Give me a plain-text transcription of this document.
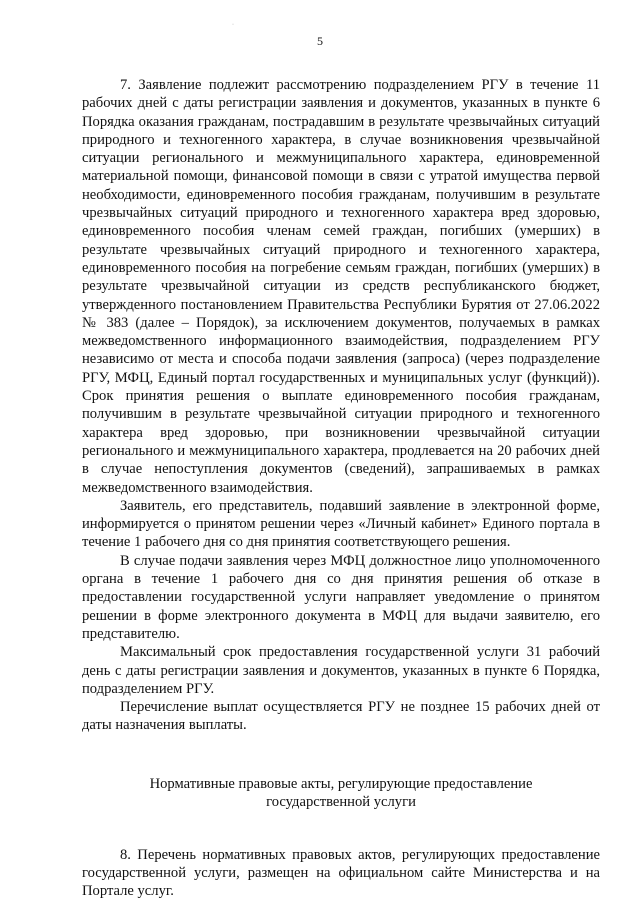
·
5

7. Заявление подлежит рассмотрению подразделением РГУ в течение 11 рабочих дней с даты регистрации заявления и документов, указанных в пункте 6 Порядка оказания гражданам, пострадавшим в результате чрезвычайных ситуаций природного и техногенного характера, в случае возникновения чрезвычайной ситуации регионального и межмуниципального характера, единовременной материальной помощи, финансовой помощи в связи с утратой имущества первой необходимости, единовременного пособия гражданам, получившим в результате чрезвычайных ситуаций природного и техногенного характера вред здоровью, единовременного пособия членам семей граждан, погибших (умерших) в результате чрезвычайных ситуаций природного и техногенного характера, единовременного пособия на погребение семьям граждан, погибших (умерших) в результате чрезвычайной ситуации из средств республиканского бюджет, утвержденного постановлением Правительства Республики Бурятия от 27.06.2022 № 383 (далее – Порядок), за исключением документов, получаемых в рамках межведомственного информационного взаимодействия, подразделением РГУ независимо от места и способа подачи заявления (запроса) (через подразделение РГУ, МФЦ, Единый портал государственных и муниципальных услуг (функций)). Срок принятия решения о выплате единовременного пособия гражданам, получившим в результате чрезвычайной ситуации природного и техногенного характера вред здоровью, при возникновении чрезвычайной ситуации регионального и межмуниципального характера, продлевается на 20 рабочих дней в случае непоступления документов (сведений), запрашиваемых в рамках межведомственного взаимодействия.

Заявитель, его представитель, подавший заявление в электронной форме, информируется о принятом решении через «Личный кабинет» Единого портала в течение 1 рабочего дня со дня принятия соответствующего решения.

В случае подачи заявления через МФЦ должностное лицо уполномоченного органа в течение 1 рабочего дня со дня принятия решения об отказе в предоставлении государственной услуги направляет уведомление о принятом решении в форме электронного документа в МФЦ для выдачи заявителю, его представителю.

Максимальный срок предоставления государственной услуги 31 рабочий день с даты регистрации заявления и документов, указанных в пункте 6 Порядка, подразделением РГУ.

Перечисление выплат осуществляется РГУ не позднее 15 рабочих дней от даты назначения выплаты.

Нормативные правовые акты, регулирующие предоставление
государственной услуги

8. Перечень нормативных правовых актов, регулирующих предоставление государственной услуги, размещен на официальном сайте Министерства и на Портале услуг.
